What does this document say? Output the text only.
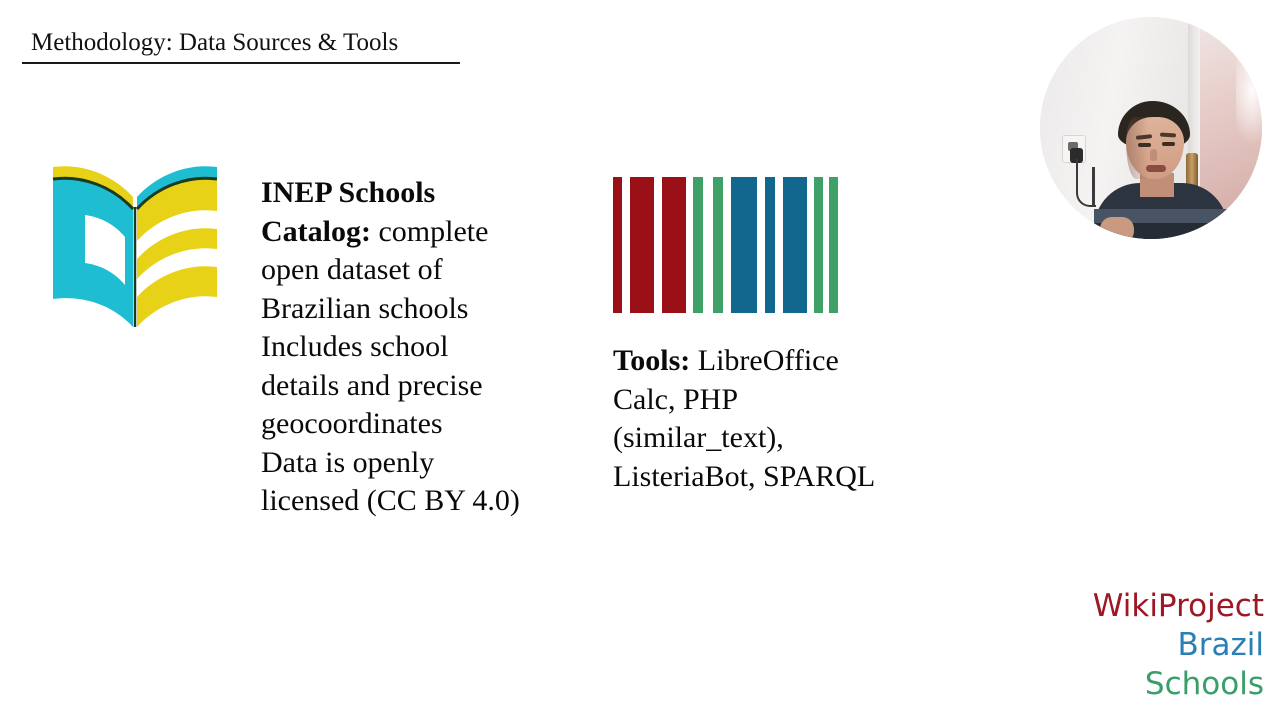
Methodology: Data Sources & Tools

INEP Schools Catalog: complete open dataset of Brazilian schools

Includes school details and precise geocoordinates

Data is openly licensed (CC BY 4.0)

Tools: LibreOffice Calc, PHP (similar_text), ListeriaBot, SPARQL

WikiProject
Brazil
Schools
